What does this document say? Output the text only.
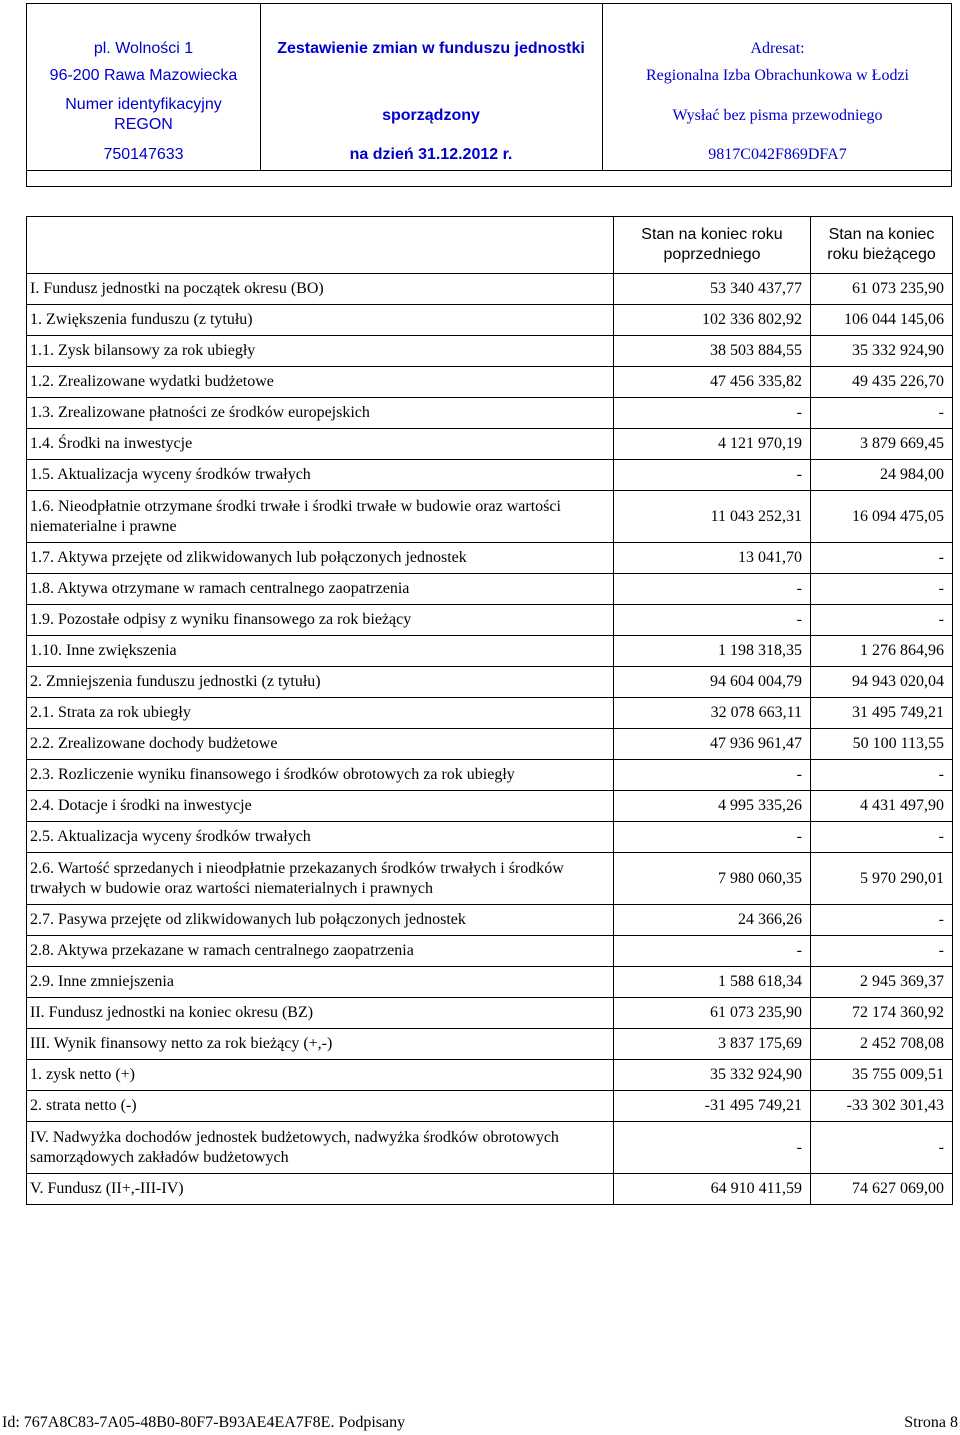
pl. Wolności 1
96-200 Rawa Mazowiecka
Numer identyfikacyjny
REGON
750147633
Zestawienie zmian w funduszu jednostki
sporządzony
na dzień 31.12.2012 r.
Adresat:
Regionalna Izba Obrachunkowa w Łodzi
Wysłać bez pisma przewodniego
9817C042F869DFA7
	Stan na koniec roku poprzedniego	Stan na koniec roku bieżącego
I. Fundusz jednostki na początek okresu (BO)	53 340 437,77	61 073 235,90
1. Zwiększenia funduszu (z tytułu)	102 336 802,92	106 044 145,06
1.1. Zysk bilansowy za rok ubiegły	38 503 884,55	35 332 924,90
1.2. Zrealizowane wydatki budżetowe	47 456 335,82	49 435 226,70
1.3. Zrealizowane płatności ze środków europejskich	-	-
1.4. Środki na inwestycje	4 121 970,19	3 879 669,45
1.5. Aktualizacja wyceny środków trwałych	-	24 984,00
1.6. Nieodpłatnie otrzymane środki trwałe i środki trwałe w budowie oraz wartości niematerialne i prawne	11 043 252,31	16 094 475,05
1.7. Aktywa przejęte od zlikwidowanych lub połączonych jednostek	13 041,70	-
1.8. Aktywa otrzymane w ramach centralnego zaopatrzenia	-	-
1.9. Pozostałe odpisy z wyniku finansowego za rok bieżący	-	-
1.10. Inne zwiększenia	1 198 318,35	1 276 864,96
2. Zmniejszenia funduszu jednostki (z tytułu)	94 604 004,79	94 943 020,04
2.1. Strata za rok ubiegły	32 078 663,11	31 495 749,21
2.2. Zrealizowane dochody budżetowe	47 936 961,47	50 100 113,55
2.3. Rozliczenie wyniku finansowego i środków obrotowych za rok ubiegły	-	-
2.4. Dotacje i środki na inwestycje	4 995 335,26	4 431 497,90
2.5. Aktualizacja wyceny środków trwałych	-	-
2.6. Wartość sprzedanych i nieodpłatnie przekazanych środków trwałych i środków trwałych w budowie oraz wartości niematerialnych i prawnych	7 980 060,35	5 970 290,01
2.7. Pasywa przejęte od zlikwidowanych lub połączonych jednostek	24 366,26	-
2.8. Aktywa przekazane w ramach centralnego zaopatrzenia	-	-
2.9. Inne zmniejszenia	1 588 618,34	2 945 369,37
II. Fundusz jednostki na koniec okresu (BZ)	61 073 235,90	72 174 360,92
III. Wynik finansowy netto za rok bieżący (+,-)	3 837 175,69	2 452 708,08
1. zysk netto (+)	35 332 924,90	35 755 009,51
2. strata netto (-)	-31 495 749,21	-33 302 301,43
IV. Nadwyżka dochodów jednostek budżetowych, nadwyżka środków obrotowych samorządowych zakładów budżetowych	-	-
V. Fundusz (II+,-III-IV)	64 910 411,59	74 627 069,00
Id: 767A8C83-7A05-48B0-80F7-B93AE4EA7F8E. Podpisany	Strona 8
